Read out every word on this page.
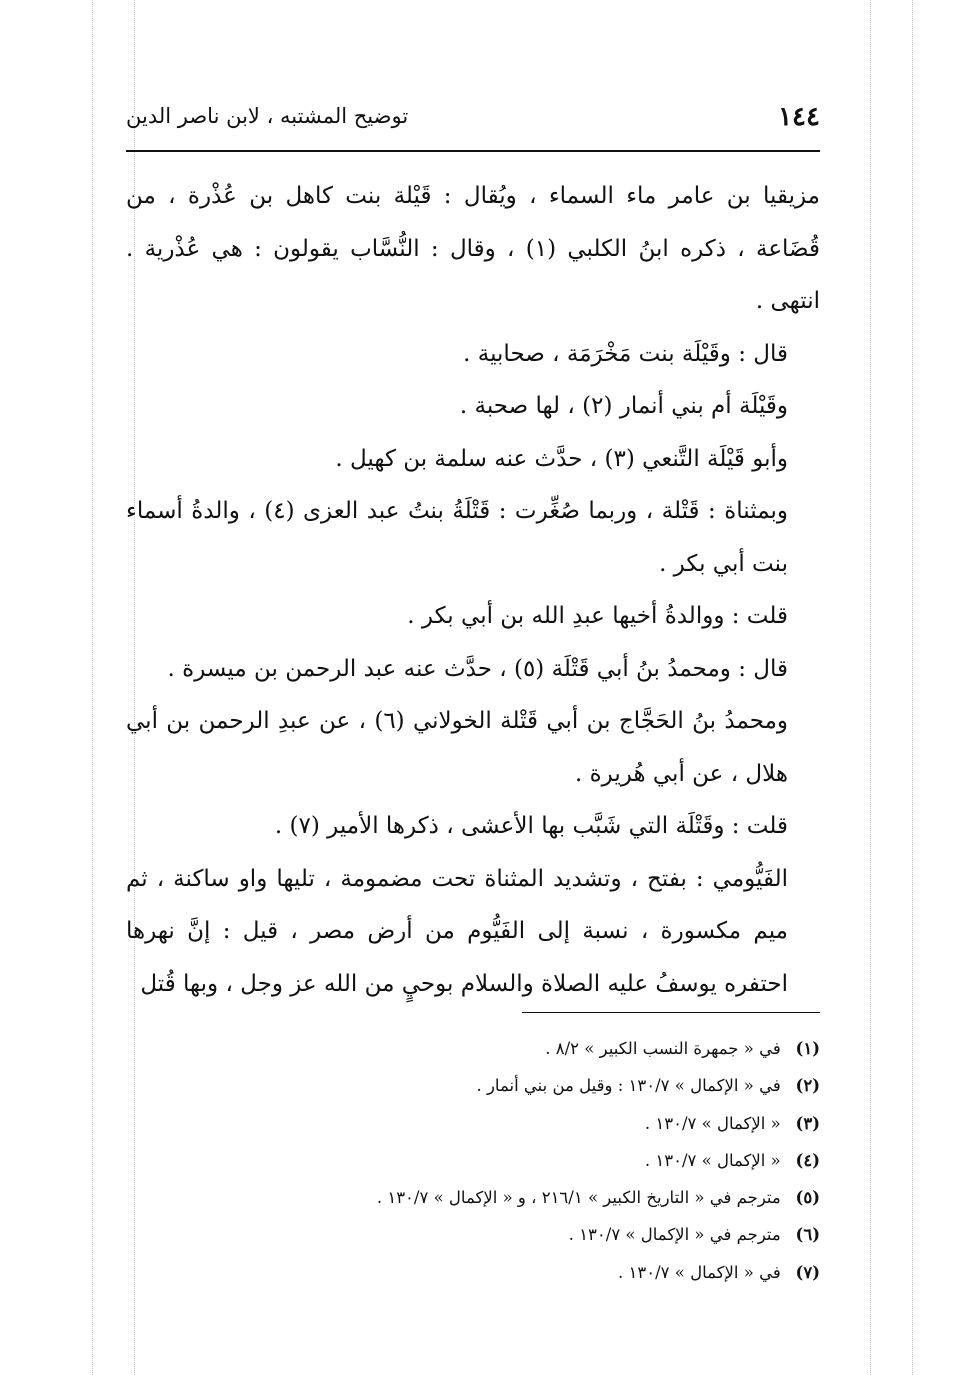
١٤٤
توضيح المشتبه ، لابن ناصر الدين

مزيقيا بن عامر ماء السماء ، ويُقال : قَيْلة بنت كاهل بن عُذْرة ، من قُضَاعة ، ذكره ابنُ الكلبي (١) ، وقال : النُّسَّاب يقولون : هي عُذْرية . انتهى .

قال : وقَيْلَة بنت مَخْرَمَة ، صحابية .

وقَيْلَة أم بني أنمار (٢) ، لها صحبة .

وأبو قَيْلَة التَّنعي (٣) ، حدَّث عنه سلمة بن كهيل .

وبمثناة : قَتْلة ، وربما صُغِّرت : قَتْلَةُ بنتُ عبد العزى (٤) ، والدةُ أسماء بنت أبي بكر .

قلت : ووالدةُ أخيها عبدِ الله بن أبي بكر .

قال : ومحمدُ بنُ أبي قَتْلَة (٥) ، حدَّث عنه عبد الرحمن بن ميسرة .

ومحمدُ بنُ الحَجَّاج بن أبي قَتْلة الخولاني (٦) ، عن عبدِ الرحمن بن أبي هلال ، عن أبي هُريرة .

قلت : وقَتْلَة التي شَبَّب بها الأعشى ، ذكرها الأمير (٧) .

الفَيُّومي : بفتح ، وتشديد المثناة تحت مضمومة ، تليها واو ساكنة ، ثم ميم مكسورة ، نسبة إلى الفَيُّوم من أرض مصر ، قيل : إنَّ نهرها احتفره يوسفُ عليه الصلاة والسلام بوحيٍ من الله عز وجل ، وبها قُتل

(١) في « جمهرة النسب الكبير » ٨/٢ .
(٢) في « الإكمال » ١٣٠/٧ : وقيل من بني أنمار .
(٣) « الإكمال » ١٣٠/٧ .
(٤) « الإكمال » ١٣٠/٧ .
(٥) مترجم في « التاريخ الكبير » ٢١٦/١ ، و « الإكمال » ١٣٠/٧ .
(٦) مترجم في « الإكمال » ١٣٠/٧ .
(٧) في « الإكمال » ١٣٠/٧ .
